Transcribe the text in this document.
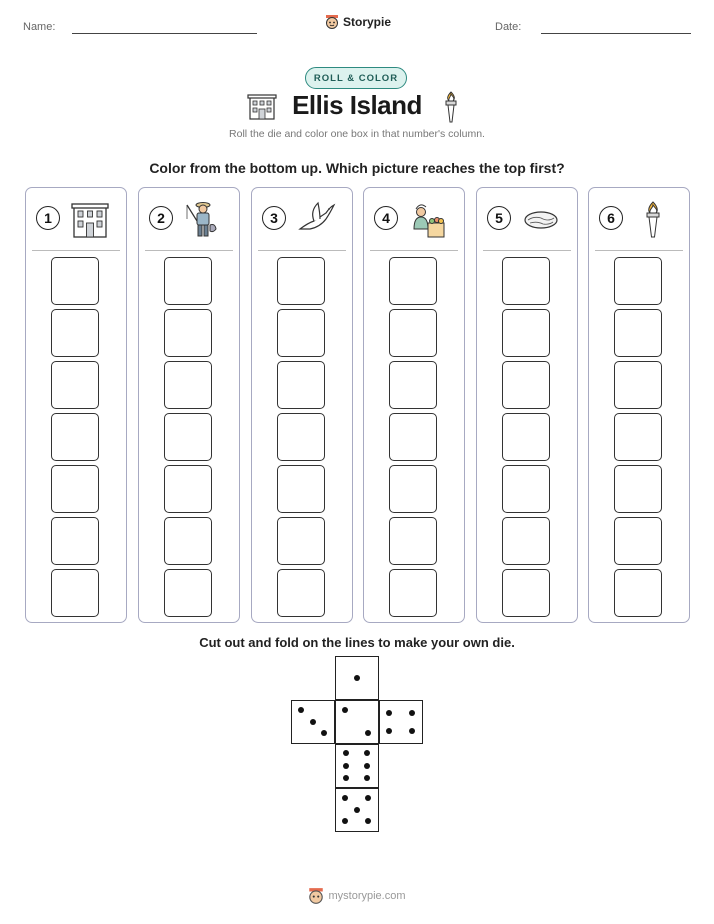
Name:	Storypie	Date:
ROLL & COLOR
Ellis Island
Roll the die and color one box in that number's column.
Color from the bottom up. Which picture reaches the top first?
1	2	3	4	5	6
Cut out and fold on the lines to make your own die.
mystorypie.com
